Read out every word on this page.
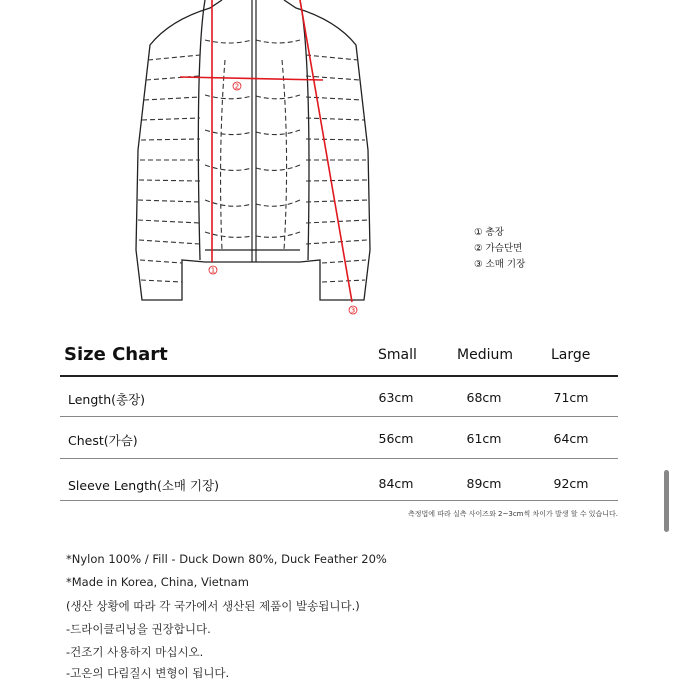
1
2
3
① 총장
② 가슴단면
③ 소매 기장
Size Chart	Small	Medium	Large
Length(총장)	63cm	68cm	71cm
Chest(가슴)	56cm	61cm	64cm
Sleeve Length(소매 기장)	84cm	89cm	92cm
측정법에 따라 실측 사이즈와 2~3cm씩 차이가 발생 할 수 있습니다.
*Nylon 100% / Fill - Duck Down 80%, Duck Feather 20%
*Made in Korea, China, Vietnam
(생산 상황에 따라 각 국가에서 생산된 제품이 발송됩니다.)
-드라이클리닝을 권장합니다.
-건조기 사용하지 마십시오.
-고온의 다림질시 변형이 됩니다.
